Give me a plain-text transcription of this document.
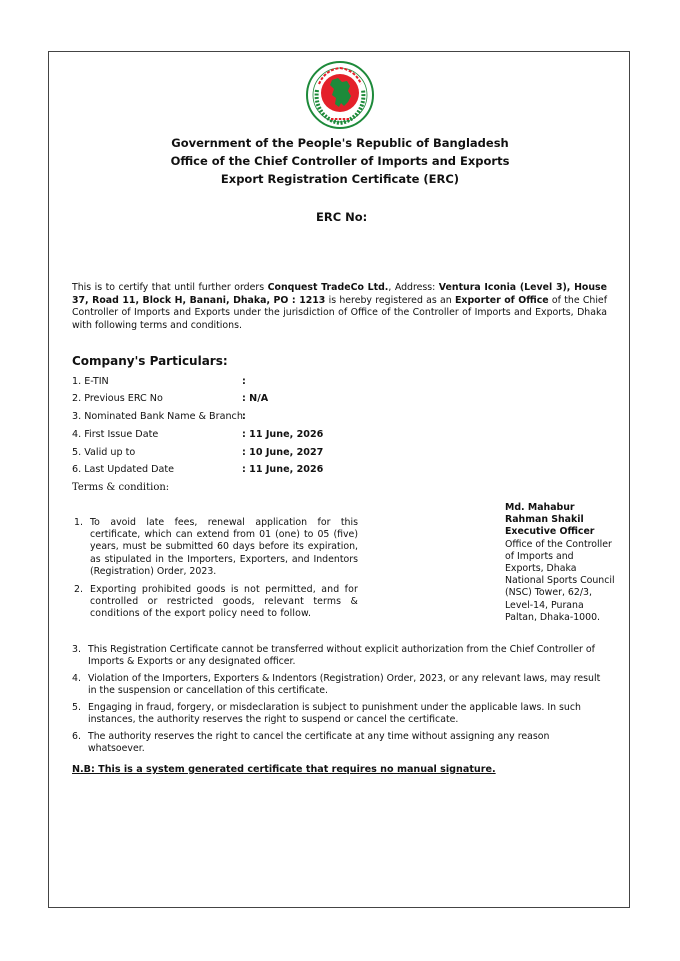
Government of the People's Republic of Bangladesh
Office of the Chief Controller of Imports and Exports
Export Registration Certificate (ERC)
ERC No:
This is to certify that until further orders Conquest TradeCo Ltd., Address: Ventura Iconia (Level 3), House 37, Road 11, Block H, Banani, Dhaka, PO : 1213 is hereby registered as an Exporter of Office of the Chief Controller of Imports and Exports under the jurisdiction of Office of the Controller of Imports and Exports, Dhaka with following terms and conditions.
Company's Particulars:
1. E-TIN	:
2. Previous ERC No	: N/A
3. Nominated Bank Name & Branch :
4. First Issue Date	: 11 June, 2026
5. Valid up to	: 10 June, 2027
6. Last Updated Date	: 11 June, 2026
Terms & condition:
1. To avoid late fees, renewal application for this certificate, which can extend from 01 (one) to 05 (five) years, must be submitted 60 days before its expiration, as stipulated in the Importers, Exporters, and Indentors (Registration) Order, 2023.
2. Exporting prohibited goods is not permitted, and for controlled or restricted goods, relevant terms & conditions of the export policy need to follow.
Md. Mahabur Rahman Shakil
Executive Officer
Office of the Controller of Imports and Exports, Dhaka National Sports Council (NSC) Tower, 62/3, Level-14, Purana Paltan, Dhaka-1000.
3. This Registration Certificate cannot be transferred without explicit authorization from the Chief Controller of Imports & Exports or any designated officer.
4. Violation of the Importers, Exporters & Indentors (Registration) Order, 2023, or any relevant laws, may result in the suspension or cancellation of this certificate.
5. Engaging in fraud, forgery, or misdeclaration is subject to punishment under the applicable laws. In such instances, the authority reserves the right to suspend or cancel the certificate.
6. The authority reserves the right to cancel the certificate at any time without assigning any reason whatsoever.
N.B: This is a system generated certificate that requires no manual signature.
